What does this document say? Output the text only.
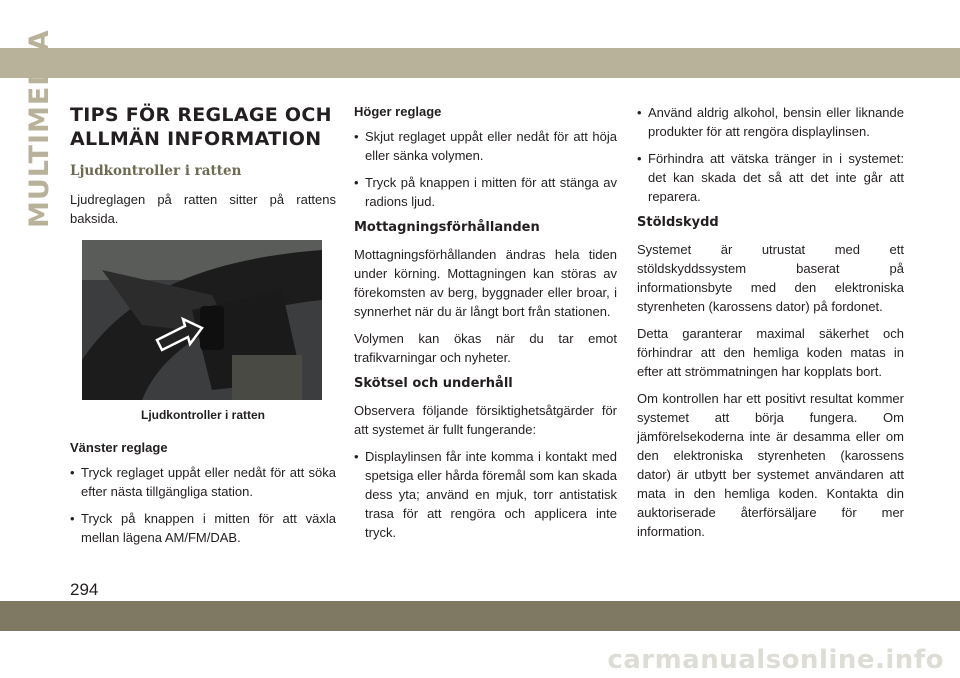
MULTIMEDIA TIPS FÖR REGLAGE OCH ALLMÄN INFORMATION
Ljudkontroller i ratten

Ljudreglagen på ratten sitter på rattens baksida.

Ljudkontroller i ratten
Vänster reglage
• Tryck reglaget uppåt eller nedåt för att söka efter nästa tillgängliga station.
• Tryck på knappen i mitten för att växla mellan lägena AM/FM/DAB.
Höger reglage
• Skjut reglaget uppåt eller nedåt för att höja eller sänka volymen.
• Tryck på knappen i mitten för att stänga av radions ljud.
Mottagningsförhållanden

Mottagningsförhållanden ändras hela tiden under körning. Mottagningen kan störas av förekomsten av berg, byggnader eller broar, i synnerhet när du är långt bort från stationen.

Volymen kan ökas när du tar emot trafikvarningar och nyheter.

Skötsel och underhåll

Observera följande försiktighetsåtgärder för att systemet är fullt fungerande:

• Displaylinsen får inte komma i kontakt med spetsiga eller hårda föremål som kan skada dess yta; använd en mjuk, torr antistatisk trasa för att rengöra och applicera inte tryck.
• Använd aldrig alkohol, bensin eller liknande produkter för att rengöra displaylinsen.
• Förhindra att vätska tränger in i systemet: det kan skada det så att det inte går att reparera.
Stöldskydd

Systemet är utrustat med ett stöldskyddssystem baserat på informationsbyte med den elektroniska styrenheten (karossens dator) på fordonet.

Detta garanterar maximal säkerhet och förhindrar att den hemliga koden matas in efter att strömmatningen har kopplats bort.

Om kontrollen har ett positivt resultat kommer systemet att börja fungera. Om jämförelsekoderna inte är desamma eller om den elektroniska styrenheten (karossens dator) är utbytt ber systemet användaren att mata in den hemliga koden. Kontakta din auktoriserade återförsäljare för mer information.

294
carmanualsonline.info
